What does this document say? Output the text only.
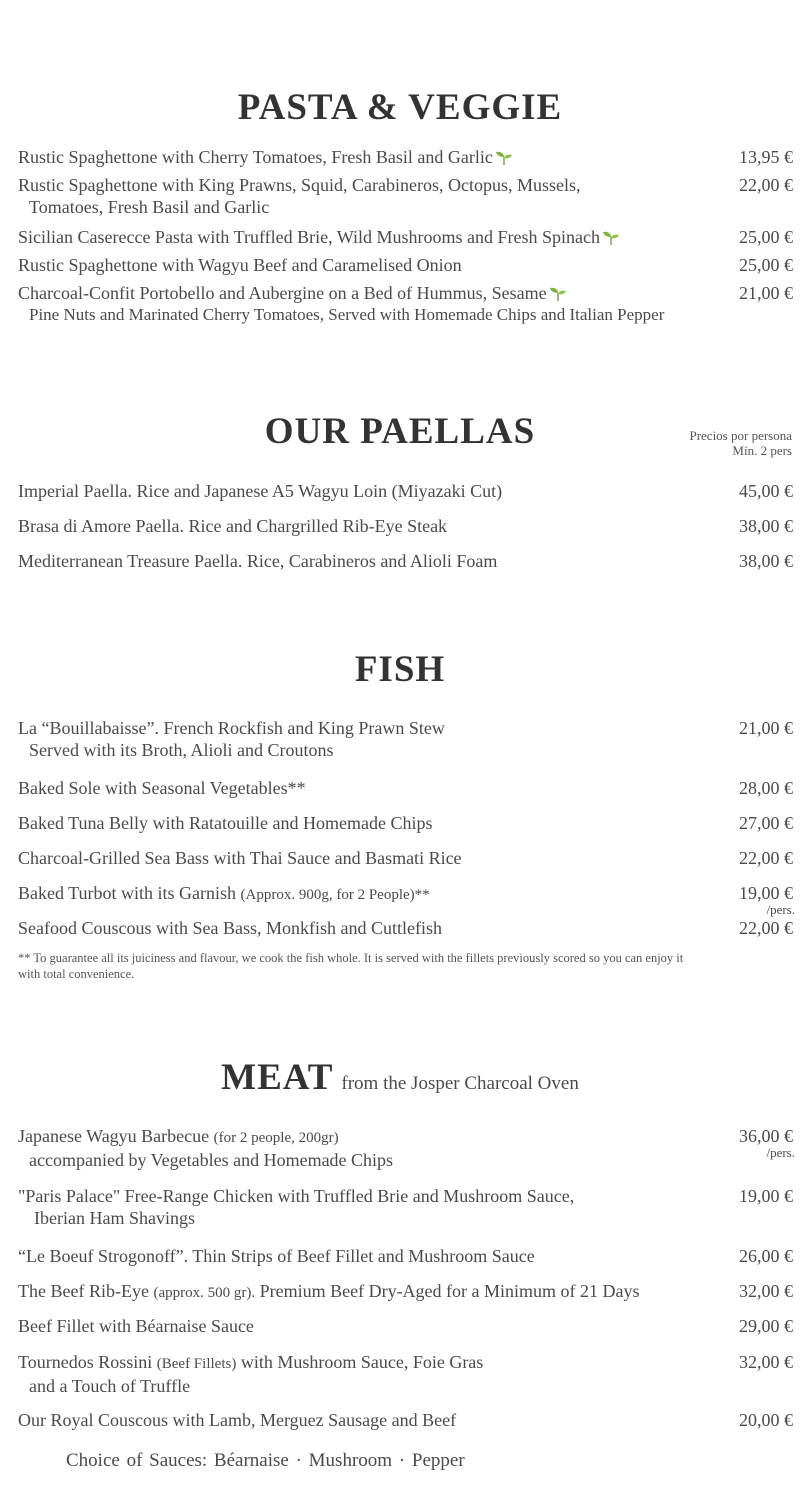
PASTA & VEGGIE
Rustic Spaghettone with Cherry Tomatoes, Fresh Basil and Garlic	13,95 €
Rustic Spaghettone with King Prawns, Squid, Carabineros, Octopus, Mussels,
Tomatoes, Fresh Basil and Garlic
22,00 €
Sicilian Caserecce Pasta with Truffled Brie, Wild Mushrooms and Fresh Spinach	25,00 €
Rustic Spaghettone with Wagyu Beef and Caramelised Onion	25,00 €
Charcoal-Confit Portobello and Aubergine on a Bed of Hummus, Sesame
Pine Nuts and Marinated Cherry Tomatoes, Served with Homemade Chips and Italian Pepper
21,00 €
OUR PAELLAS	Precios por persona
Mín. 2 pers
Imperial Paella. Rice and Japanese A5 Wagyu Loin (Miyazaki Cut)	45,00 €
Brasa di Amore Paella. Rice and Chargrilled Rib-Eye Steak	38,00 €
Mediterranean Treasure Paella. Rice, Carabineros and Alioli Foam	38,00 €
FISH
La “Bouillabaisse”. French Rockfish and King Prawn Stew
Served with its Broth, Alioli and Croutons
21,00 €
Baked Sole with Seasonal Vegetables**	28,00 €
Baked Tuna Belly with Ratatouille and Homemade Chips	27,00 €
Charcoal-Grilled Sea Bass with Thai Sauce and Basmati Rice	22,00 €
Baked Turbot with its Garnish (Approx. 900g, for 2 People)**	19,00 €
/pers.
Seafood Couscous with Sea Bass, Monkfish and Cuttlefish	22,00 €
** To guarantee all its juiciness and flavour, we cook the fish whole. It is served with the fillets previously scored so you can enjoy it with total convenience.
MEAT from the Josper Charcoal Oven
Japanese Wagyu Barbecue (for 2 people, 200gr)
accompanied by Vegetables and Homemade Chips
36,00 €
/pers.
"Paris Palace" Free-Range Chicken with Truffled Brie and Mushroom Sauce,
Iberian Ham Shavings
19,00 €
“Le Boeuf Strogonoff”. Thin Strips of Beef Fillet and Mushroom Sauce	26,00 €
The Beef Rib-Eye (approx. 500 gr). Premium Beef Dry-Aged for a Minimum of 21 Days	32,00 €
Beef Fillet with Béarnaise Sauce	29,00 €
Tournedos Rossini (Beef Fillets) with Mushroom Sauce, Foie Gras
and a Touch of Truffle
32,00 €
Our Royal Couscous with Lamb, Merguez Sausage and Beef	20,00 €
Choice of Sauces: Béarnaise · Mushroom · Pepper
